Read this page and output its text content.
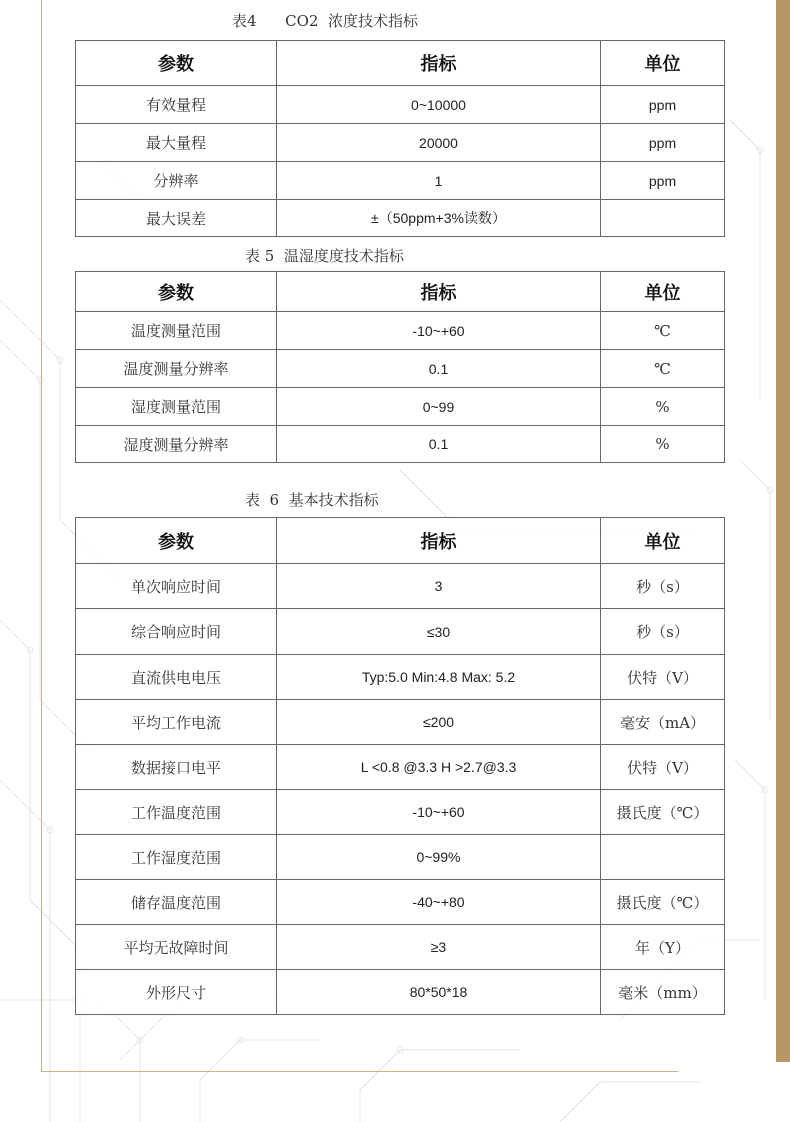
表4      CO2  浓度技术指标
参数	指标	单位
有效量程	0~10000	ppm
最大量程	20000	ppm
分辨率	1	ppm
最大误差	±（50ppm+3%读数）	
表 5  温湿度度技术指标
参数	指标	单位
温度测量范围	-10~+60	℃
温度测量分辨率	0.1	℃
湿度测量范围	0~99	%
湿度测量分辨率	0.1	%
表  6  基本技术指标
参数	指标	单位
单次响应时间	3	秒（s）
综合响应时间	≤30	秒（s）
直流供电电压	Typ:5.0 Min:4.8 Max: 5.2	伏特（V）
平均工作电流	≤200	毫安（mA）
数据接口电平	L <0.8 @3.3 H >2.7@3.3	伏特（V）
工作温度范围	-10~+60	摄氏度（℃）
工作湿度范围	0~99%	
储存温度范围	-40~+80	摄氏度（℃）
平均无故障时间	≥3	年（Y）
外形尺寸	80*50*18	毫米（mm）
